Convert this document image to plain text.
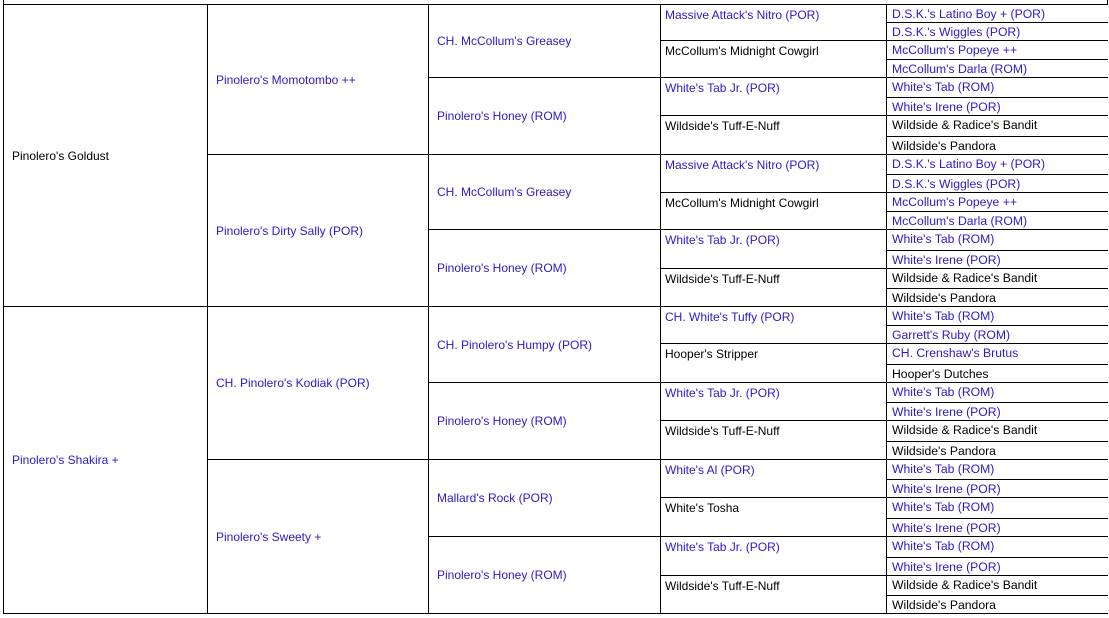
Pinolero's Goldust
Pinolero's Shakira +
Pinolero's Momotombo ++
Pinolero's Dirty Sally (POR)
CH. Pinolero's Kodiak (POR)
Pinolero's Sweety +
CH. McCollum's Greasey
Pinolero's Honey (ROM)
CH. McCollum's Greasey
Pinolero's Honey (ROM)
CH. Pinolero's Humpy (POR)
Pinolero's Honey (ROM)
Mallard's Rock (POR)
Pinolero's Honey (ROM)
Massive Attack's Nitro (POR)
McCollum's Midnight Cowgirl
White's Tab Jr. (POR)
Wildside's Tuff-E-Nuff
Massive Attack's Nitro (POR)
McCollum's Midnight Cowgirl
White's Tab Jr. (POR)
Wildside's Tuff-E-Nuff
CH. White's Tuffy (POR)
Hooper's Stripper
White's Tab Jr. (POR)
Wildside's Tuff-E-Nuff
White's Al (POR)
White's Tosha
White's Tab Jr. (POR)
Wildside's Tuff-E-Nuff
D.S.K.'s Latino Boy + (POR)
D.S.K.'s Wiggles (POR)
McCollum's Popeye ++
McCollum's Darla (ROM)
White's Tab (ROM)
White's Irene (POR)
Wildside & Radice's Bandit
Wildside's Pandora
D.S.K.'s Latino Boy + (POR)
D.S.K.'s Wiggles (POR)
McCollum's Popeye ++
McCollum's Darla (ROM)
White's Tab (ROM)
White's Irene (POR)
Wildside & Radice's Bandit
Wildside's Pandora
White's Tab (ROM)
Garrett's Ruby (ROM)
CH. Crenshaw's Brutus
Hooper's Dutches
White's Tab (ROM)
White's Irene (POR)
Wildside & Radice's Bandit
Wildside's Pandora
White's Tab (ROM)
White's Irene (POR)
White's Tab (ROM)
White's Irene (POR)
White's Tab (ROM)
White's Irene (POR)
Wildside & Radice's Bandit
Wildside's Pandora
